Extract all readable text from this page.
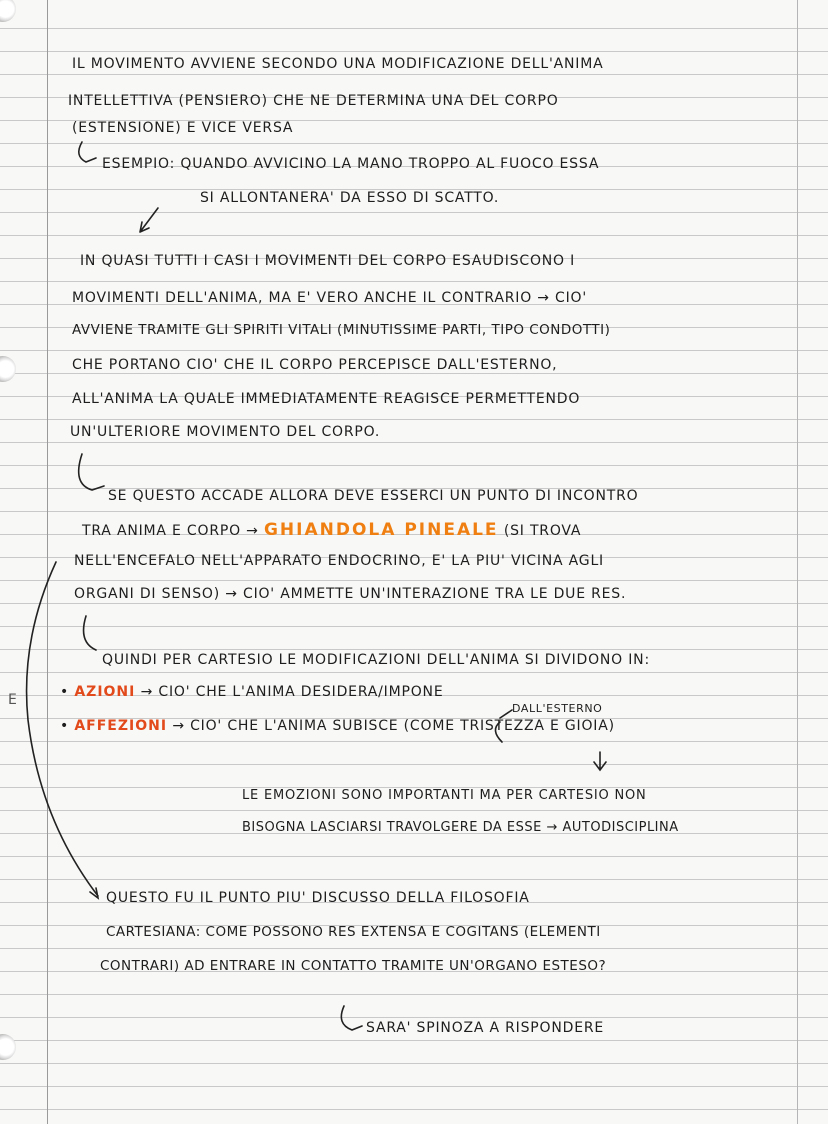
IL MOVIMENTO AVVIENE SECONDO UNA MODIFICAZIONE DELL'ANIMA
INTELLETTIVA (PENSIERO) CHE NE DETERMINA UNA DEL CORPO
(ESTENSIONE) E VICE VERSA
ESEMPIO: QUANDO AVVICINO LA MANO TROPPO AL FUOCO ESSA
SI ALLONTANERA' DA ESSO DI SCATTO.
IN QUASI TUTTI I CASI I MOVIMENTI DEL CORPO ESAUDISCONO I
MOVIMENTI DELL'ANIMA, MA E' VERO ANCHE IL CONTRARIO → CIO'
AVVIENE TRAMITE GLI SPIRITI VITALI (MINUTISSIME PARTI, TIPO CONDOTTI)
CHE PORTANO CIO' CHE IL CORPO PERCEPISCE DALL'ESTERNO,
ALL'ANIMA LA QUALE IMMEDIATAMENTE REAGISCE PERMETTENDO
UN'ULTERIORE MOVIMENTO DEL CORPO.
SE QUESTO ACCADE ALLORA DEVE ESSERCI UN PUNTO DI INCONTRO
TRA ANIMA E CORPO → GHIANDOLA PINEALE (SI TROVA
NELL'ENCEFALO NELL'APPARATO ENDOCRINO, E' LA PIU' VICINA AGLI
ORGANI DI SENSO) → CIO' AMMETTE UN'INTERAZIONE TRA LE DUE RES.
QUINDI PER CARTESIO LE MODIFICAZIONI DELL'ANIMA SI DIVIDONO IN:
E	• AZIONI → CIO' CHE L'ANIMA DESIDERA/IMPONE
DALL'ESTERNO
• AFFEZIONI → CIO' CHE L'ANIMA SUBISCE (COME TRISTEZZA E GIOIA)
LE EMOZIONI SONO IMPORTANTI MA PER CARTESIO NON
BISOGNA LASCIARSI TRAVOLGERE DA ESSE → AUTODISCIPLINA
QUESTO FU IL PUNTO PIU' DISCUSSO DELLA FILOSOFIA
CARTESIANA: COME POSSONO RES EXTENSA E COGITANS (ELEMENTI
CONTRARI) AD ENTRARE IN CONTATTO TRAMITE UN'ORGANO ESTESO?
SARA' SPINOZA A RISPONDERE
